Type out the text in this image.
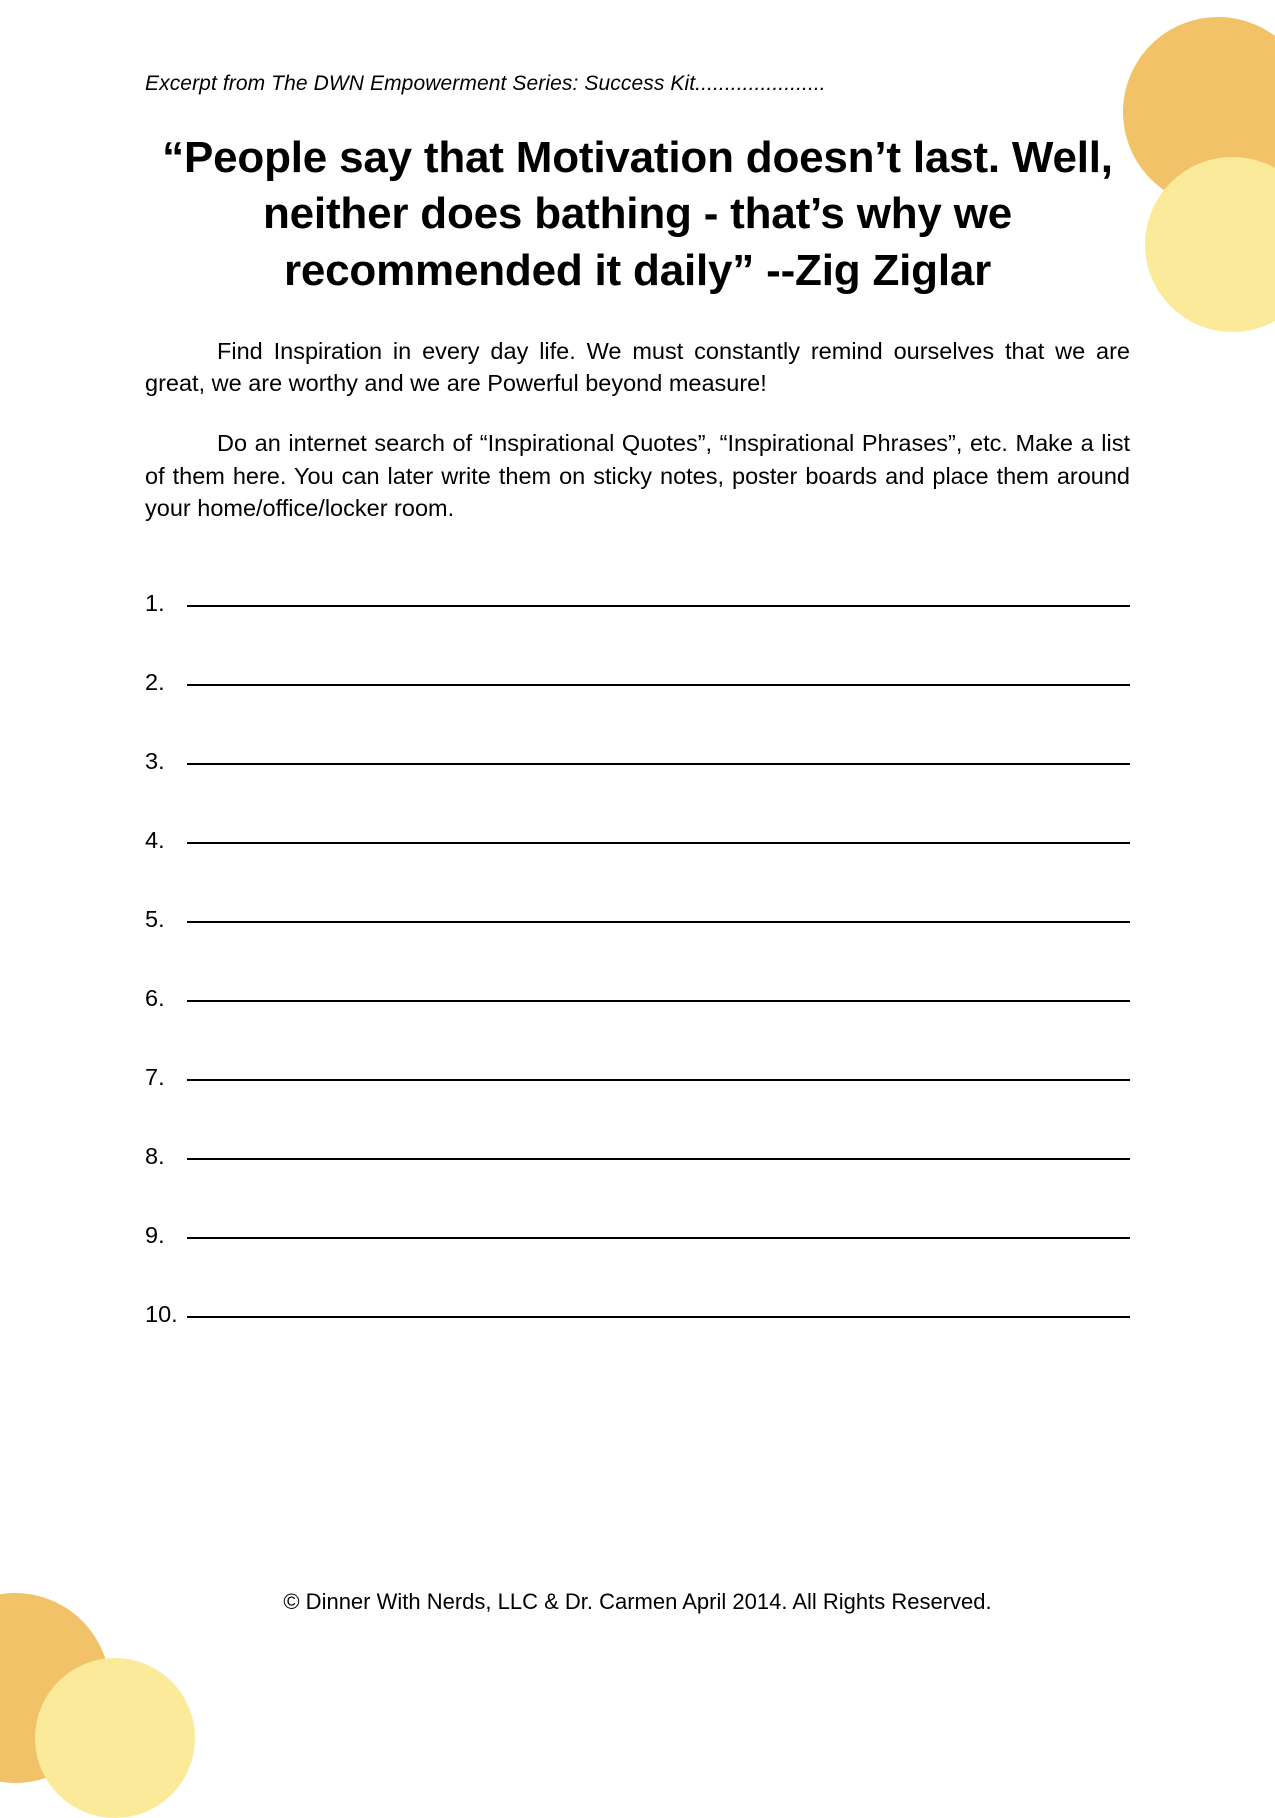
Excerpt from The DWN Empowerment Series: Success Kit......................
“People say that Motivation doesn’t last. Well, neither does bathing - that’s why we recommended it daily” --Zig Ziglar

Find Inspiration in every day life. We must constantly remind ourselves that we are great, we are worthy and we are Powerful beyond measure!

Do an internet search of “Inspirational Quotes”, “Inspirational Phrases”, etc. Make a list of them here. You can later write them on sticky notes, poster boards and place them around your home/office/locker room.

1.
2.
3.
4.
5.
6.
7.
8.
9.
10.
© Dinner With Nerds, LLC & Dr. Carmen April 2014. All Rights Reserved.
